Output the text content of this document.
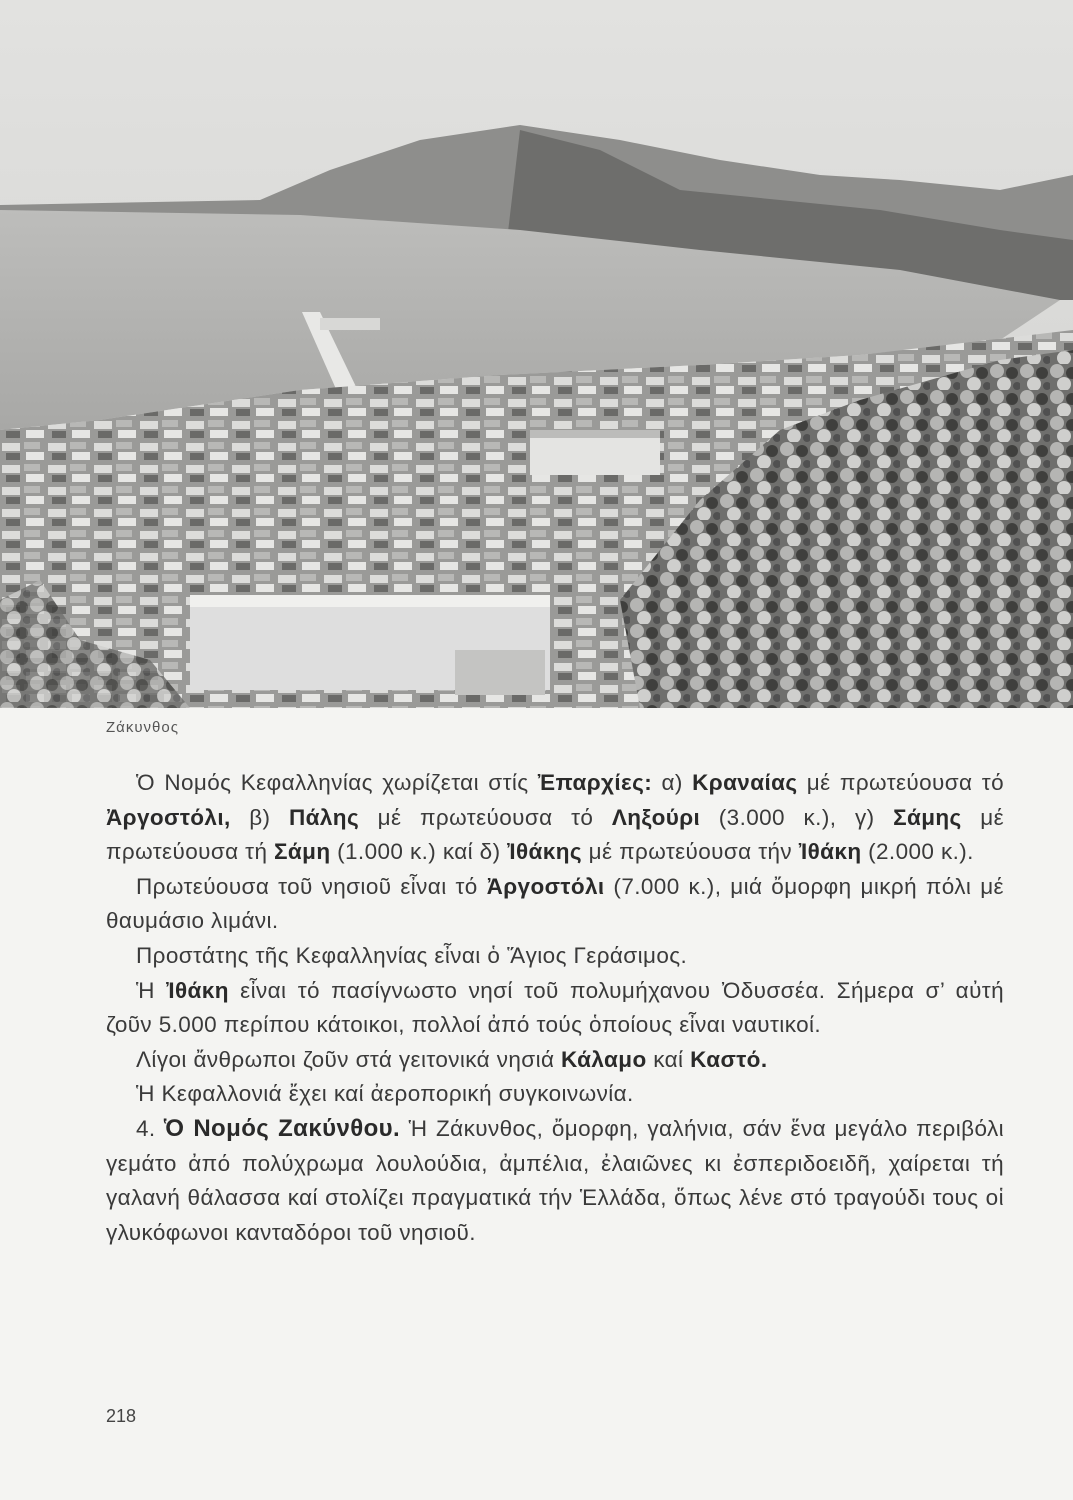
Ζάκυνθος

Ὁ Νομός Κεφαλληνίας χωρίζεται στίς Ἐπαρχίες: α) Κραναίας μέ πρωτεύουσα τό Ἀργοστόλι, β) Πάλης μέ πρωτεύουσα τό Ληξούρι (3.000 κ.), γ) Σάμης μέ πρωτεύουσα τή Σάμη (1.000 κ.) καί δ) Ἰθάκης μέ πρωτεύουσα τήν Ἰθάκη (2.000 κ.).

Πρωτεύουσα τοῦ νησιοῦ εἶναι τό Ἀργοστόλι (7.000 κ.), μιά ὄμορφη μικρή πόλι μέ θαυμάσιο λιμάνι.

Προστάτης τῆς Κεφαλληνίας εἶναι ὁ Ἅγιος Γεράσιμος.

Ἡ Ἰθάκη εἶναι τό πασίγνωστο νησί τοῦ πολυμήχανου Ὀδυσσέα. Σήμερα σ’ αὐτή ζοῦν 5.000 περίπου κάτοικοι, πολλοί ἀπό τούς ὁποίους εἶναι ναυτικοί.

Λίγοι ἄνθρωποι ζοῦν στά γειτονικά νησιά Κάλαμο καί Καστό.

Ἡ Κεφαλλονιά ἔχει καί ἀεροπορική συγκοινωνία.

4. Ὁ Νομός Ζακύνθου. Ἡ Ζάκυνθος, ὄμορφη, γαλήνια, σάν ἕνα μεγάλο περιβόλι γεμάτο ἀπό πολύχρωμα λουλούδια, ἀμπέλια, ἐλαιῶνες κι ἐσπεριδοειδῆ, χαίρεται τή γαλανή θάλασσα καί στολίζει πραγματικά τήν Ἑλλάδα, ὅπως λένε στό τραγούδι τους οἱ γλυκόφωνοι κανταδόροι τοῦ νησιοῦ.

218
